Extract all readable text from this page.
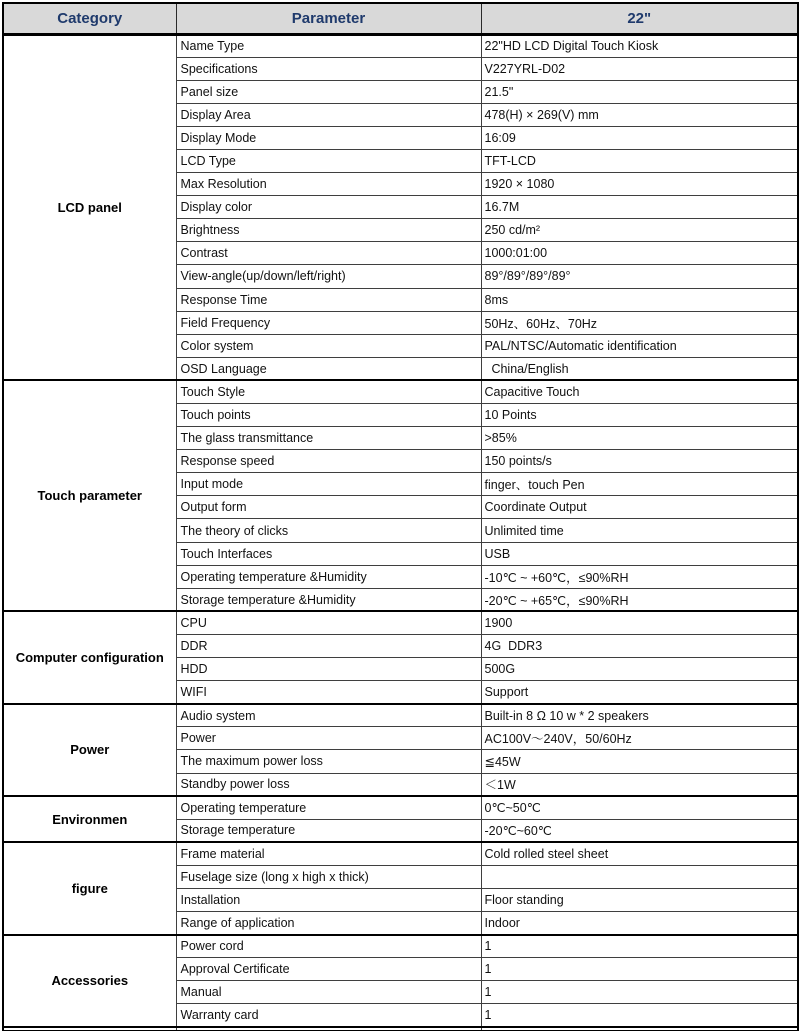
Category	Parameter	22"
LCD panel	Name Type	22"HD LCD Digital Touch Kiosk
	Specifications	V227YRL-D02
	Panel size	21.5"
	Display Area	478(H) × 269(V) mm
	Display Mode	16:09
	LCD Type	TFT-LCD
	Max Resolution	1920 × 1080
	Display color	16.7M
	Brightness	250 cd/m²
	Contrast	1000:01:00
	View-angle(up/down/left/right)	89°/89°/89°/89°
	Response Time	8ms
	Field Frequency	50Hz、60Hz、70Hz
	Color system	PAL/NTSC/Automatic identification
	OSD Language	China/English
Touch parameter	Touch Style	Capacitive Touch
	Touch points	10 Points
	The glass transmittance	>85%
	Response speed	150 points/s
	Input mode	finger、touch Pen
	Output form	Coordinate Output
	The theory of clicks	Unlimited time
	Touch Interfaces	USB
	Operating temperature &Humidity	-10℃ ~ +60℃，≤90%RH
	Storage temperature &Humidity	-20℃ ~ +65℃，≤90%RH
Computer configuration	CPU	1900
	DDR	4G  DDR3
	HDD	500G
	WIFI	Support
Power	Audio system	Built-in 8 Ω 10 w * 2 speakers
	Power	AC100V～240V，50/60Hz
	The maximum power loss	≦45W
	Standby power loss	＜1W
Environmen	Operating temperature	0℃~50℃
	Storage temperature	-20℃~60℃
figure	Frame material	Cold rolled steel sheet
	Fuselage size (long x high x thick)	
	Installation	Floor standing
	Range of application	Indoor
Accessories	Power cord	1
	Approval Certificate	1
	Manual	1
	Warranty card	1
